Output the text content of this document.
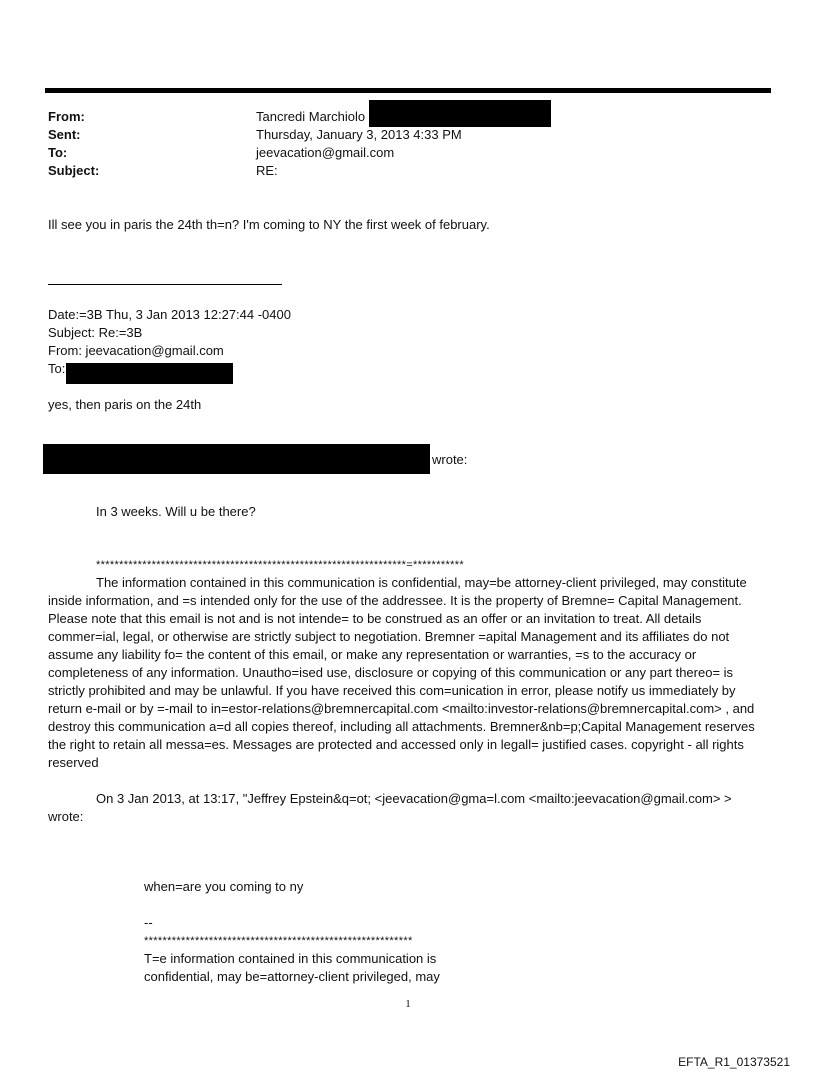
From:	Tancredi Marchiolo
Sent:	Thursday, January 3, 2013 4:33 PM
To:	jeevacation@gmail.com
Subject:	RE:
Ill see you in paris the 24th th=n? I'm coming to NY the first week of february.
Date:=3B Thu, 3 Jan 2013 12:27:44 -0400
Subject: Re:=3B
From: jeevacation@gmail.com
To:
yes, then paris on the 24th
wrote:
In 3 weeks. Will u be there?
*******************************************************************=***********
The information contained in this communication is confidential, may=be attorney-client privileged, may constitute inside information, and =s intended only for the use of the addressee. It is the property of Bremne= Capital Management. Please note that this email is not and is not intende= to be construed as an offer or an invitation to treat. All details commer=ial, legal, or otherwise are strictly subject to negotiation. Bremner =apital Management and its affiliates do not assume any liability fo= the content of this email, or make any representation or warranties, =s to the accuracy or completeness of any information. Unautho=ised use, disclosure or copying of this communication or any part thereo= is strictly prohibited and may be unlawful. If you have received this com=unication in error, please notify us immediately by return e-mail or by =-mail to in=estor-relations@bremnercapital.com <mailto:investor-relations@bremnercapital.com> , and destroy this communication a=d all copies thereof, including all attachments. Bremner&nb=p;Capital Management reserves the right to retain all messa=es. Messages are protected and accessed only in legall= justified cases. copyright - all rights reserved
On 3 Jan 2013, at 13:17, "Jeffrey Epstein&q=ot; <jeevacation@gma=l.com <mailto:jeevacation@gmail.com> > wrote:
when=are you coming to ny
--
**********************************************************
T=e information contained in this communication is confidential, may be=attorney-client privileged, may
1
EFTA_R1_01373521
